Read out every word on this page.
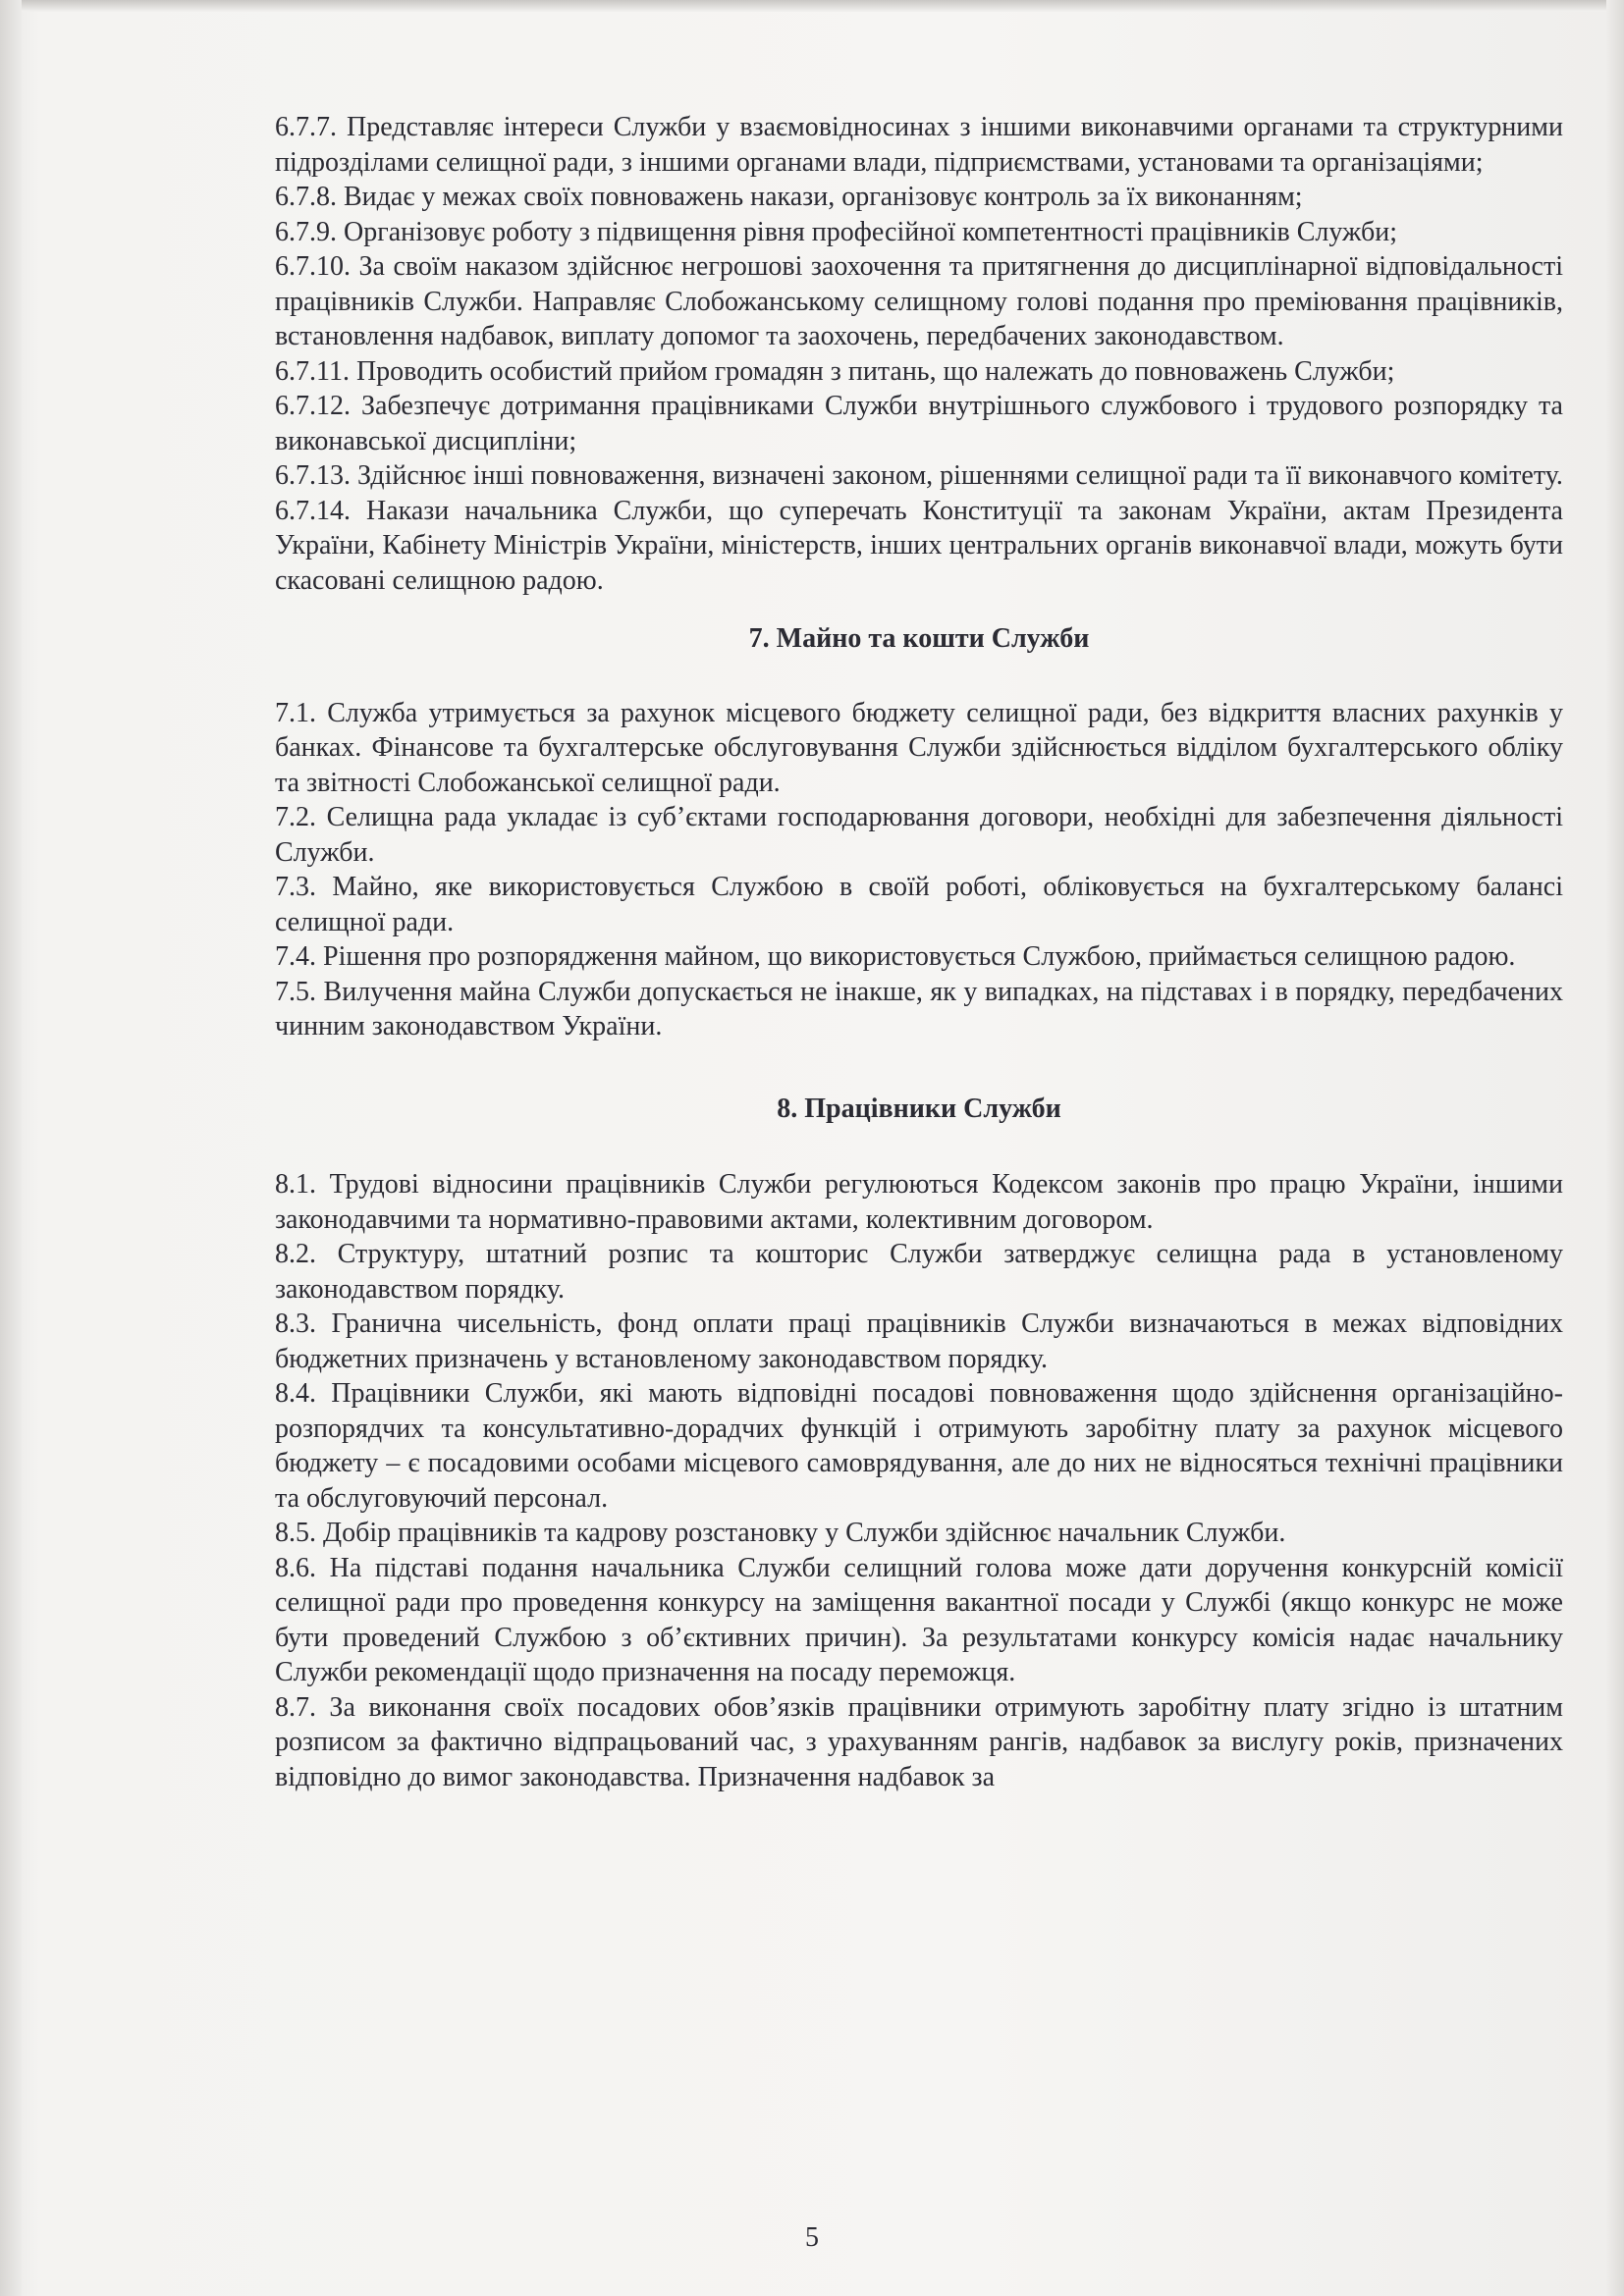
6.7.7. Представляє інтереси Служби у взаємовідносинах з іншими виконавчими органами та структурними підрозділами селищної ради, з іншими органами влади, підприємствами, установами та організаціями;

6.7.8. Видає у межах своїх повноважень накази, організовує контроль за їх виконанням;

6.7.9. Організовує роботу з підвищення рівня професійної компетентності працівників Служби;

6.7.10. За своїм наказом здійснює негрошові заохочення та притягнення до дисциплінарної відповідальності працівників Служби. Направляє Слобожанському селищному голові подання про преміювання працівників, встановлення надбавок, виплату допомог та заохочень, передбачених законодавством.

6.7.11. Проводить особистий прийом громадян з питань, що належать до повноважень Служби;

6.7.12. Забезпечує дотримання працівниками Служби внутрішнього службового і трудового розпорядку та виконавської дисципліни;

6.7.13. Здійснює інші повноваження, визначені законом, рішеннями селищної ради та її виконавчого комітету.

6.7.14. Накази начальника Служби, що суперечать Конституції та законам України, актам Президента України, Кабінету Міністрів України, міністерств, інших центральних органів виконавчої влади, можуть бути скасовані селищною радою.

7. Майно та кошти Служби

7.1. Служба утримується за рахунок місцевого бюджету селищної ради, без відкриття власних рахунків у банках. Фінансове та бухгалтерське обслуговування Служби здійснюється відділом бухгалтерського обліку та звітності Слобожанської селищної ради.

7.2. Селищна рада укладає із суб’єктами господарювання договори, необхідні для забезпечення діяльності Служби.

7.3. Майно, яке використовується Службою в своїй роботі, обліковується на бухгалтерському балансі селищної ради.

7.4. Рішення про розпорядження майном, що використовується Службою, приймається селищною радою.

7.5. Вилучення майна Служби допускається не інакше, як у випадках, на підставах і в порядку, передбачених чинним законодавством України.

8. Працівники Служби

8.1. Трудові відносини працівників Служби регулюються Кодексом законів про працю України, іншими законодавчими та нормативно-правовими актами, колективним договором.

8.2. Структуру, штатний розпис та кошторис Служби затверджує селищна рада в установленому законодавством порядку.

8.3. Гранична чисельність, фонд оплати праці працівників Служби визначаються в межах відповідних бюджетних призначень у встановленому законодавством порядку.

8.4. Працівники Служби, які мають відповідні посадові повноваження щодо здійснення організаційно-розпорядчих та консультативно-дорадчих функцій і отримують заробітну плату за рахунок місцевого бюджету – є посадовими особами місцевого самоврядування, але до них не відносяться технічні працівники та обслуговуючий персонал.

8.5. Добір працівників та кадрову розстановку у Служби здійснює начальник Служби.

8.6. На підставі подання начальника Служби селищний голова може дати доручення конкурсній комісії селищної ради про проведення конкурсу на заміщення вакантної посади у Службі (якщо конкурс не може бути проведений Службою з об’єктивних причин). За результатами конкурсу комісія надає начальнику Служби рекомендації щодо призначення на посаду переможця.

8.7. За виконання своїх посадових обов’язків працівники отримують заробітну плату згідно із штатним розписом за фактично відпрацьований час, з урахуванням рангів, надбавок за вислугу років, призначених відповідно до вимог законодавства. Призначення надбавок за

5
